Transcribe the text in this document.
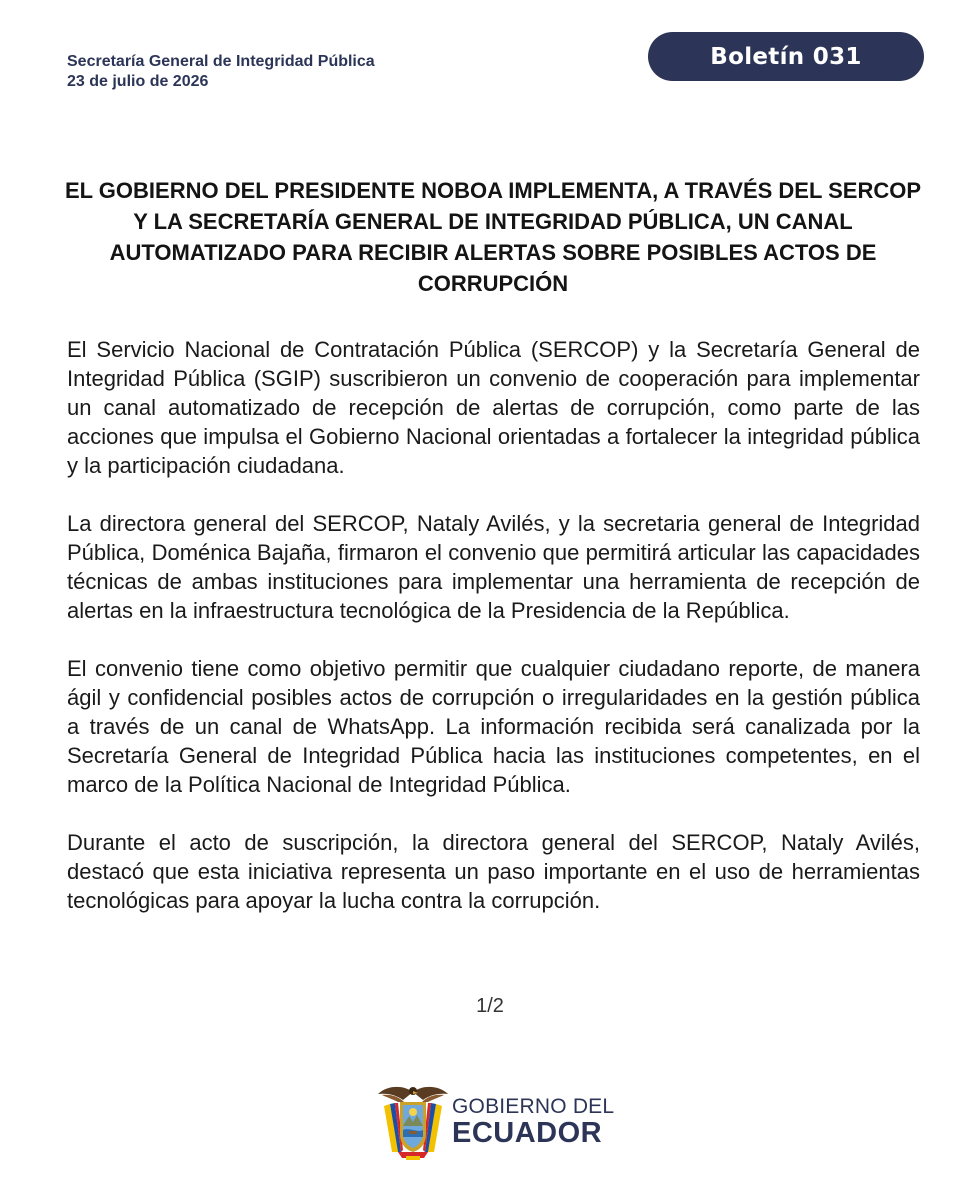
Secretaría General de Integridad Pública
23 de julio de 2026
Boletín 031
EL GOBIERNO DEL PRESIDENTE NOBOA IMPLEMENTA, A TRAVÉS DEL SERCOP Y LA SECRETARÍA GENERAL DE INTEGRIDAD PÚBLICA, UN CANAL AUTOMATIZADO PARA RECIBIR ALERTAS SOBRE POSIBLES ACTOS DE CORRUPCIÓN

El Servicio Nacional de Contratación Pública (SERCOP) y la Secretaría General de Integridad Pública (SGIP) suscribieron un convenio de cooperación para implementar un canal automatizado de recepción de alertas de corrupción, como parte de las acciones que impulsa el Gobierno Nacional orientadas a fortalecer la integridad pública y la participación ciudadana.

La directora general del SERCOP, Nataly Avilés, y la secretaria general de Integridad Pública, Doménica Bajaña, firmaron el convenio que permitirá articular las capacidades técnicas de ambas instituciones para implementar una herramienta de recepción de alertas en la infraestructura tecnológica de la Presidencia de la República.

El convenio tiene como objetivo permitir que cualquier ciudadano reporte, de manera ágil y confidencial posibles actos de corrupción o irregularidades en la gestión pública a través de un canal de WhatsApp. La información recibida será canalizada por la Secretaría General de Integridad Pública hacia las instituciones competentes, en el marco de la Política Nacional de Integridad Pública.

Durante el acto de suscripción, la directora general del SERCOP, Nataly Avilés, destacó que esta iniciativa representa un paso importante en el uso de herramientas tecnológicas para apoyar la lucha contra la corrupción.

1/2
GOBIERNO DEL
ECUADOR
